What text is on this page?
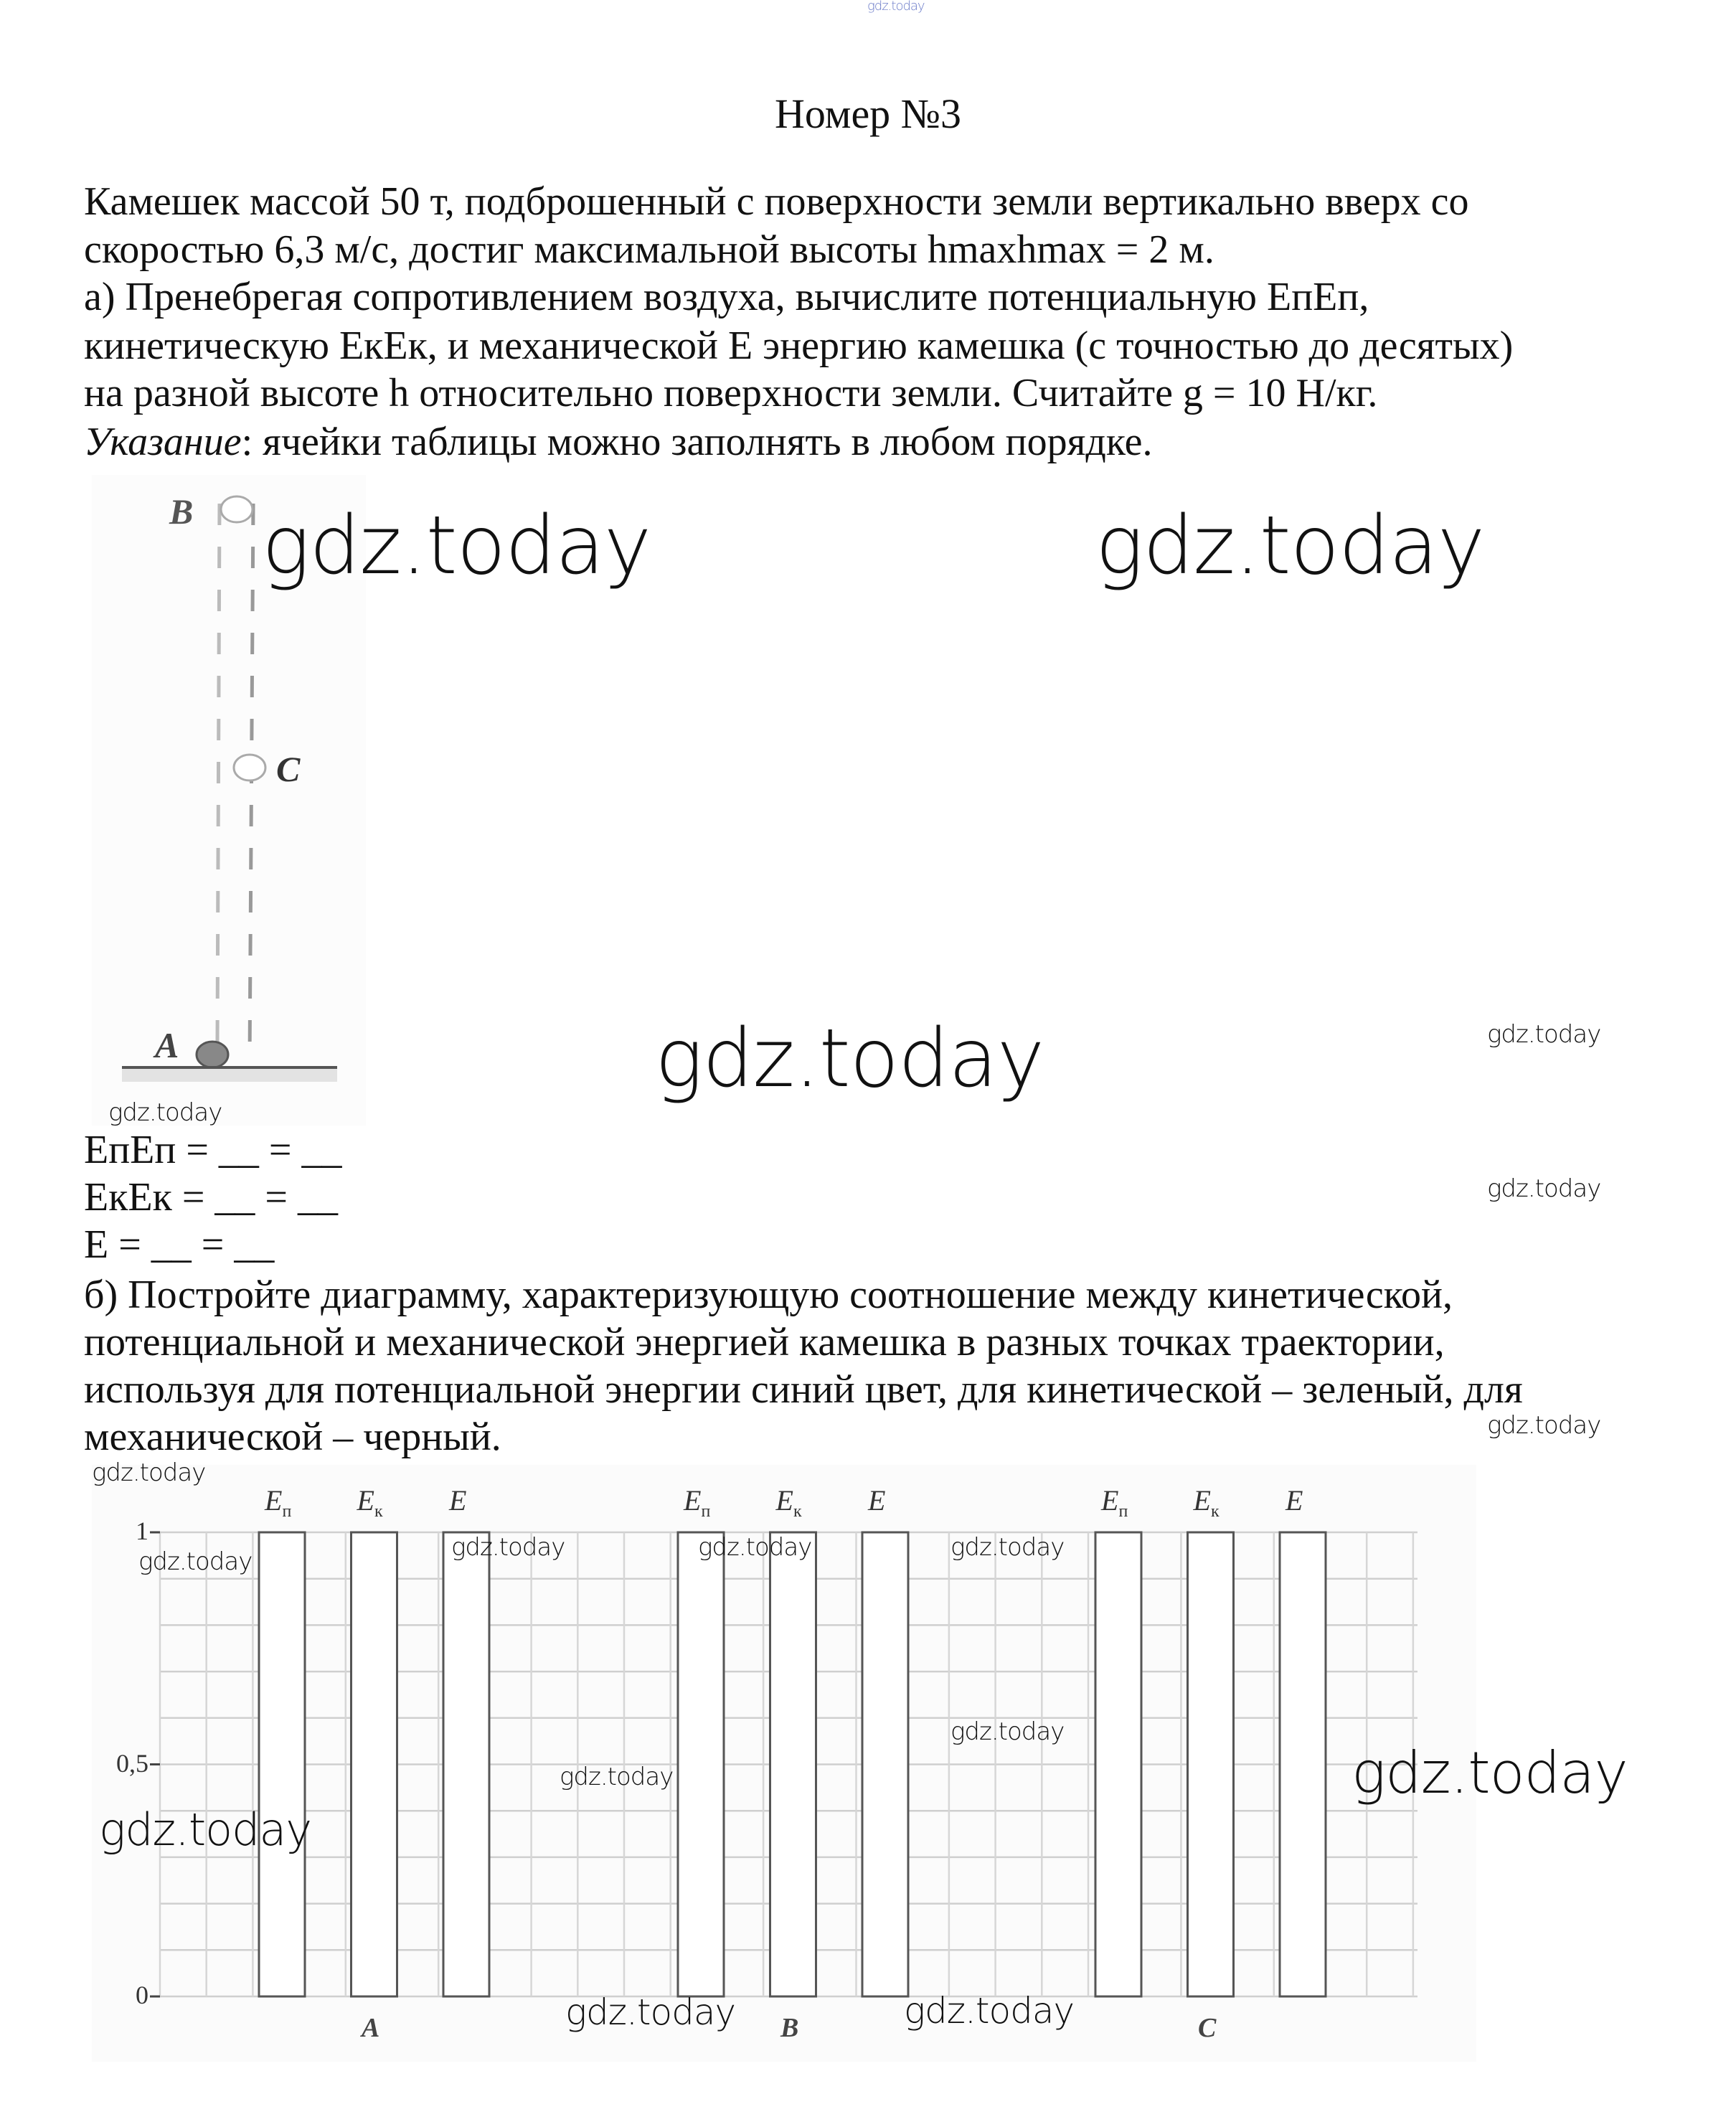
gdz.today
Номер №3
Камешек массой 50 т, подброшенный с поверхности земли вертикально вверх со
скоростью 6,3 м/с, достиг максимальной высоты hmaxhmax = 2 м.
а) Пренебрегая сопротивлением воздуха, вычислите потенциальную EпEп,
кинетическую EкEк, и механической E энергию камешка (с точностью до десятых)
на разной высоте h относительно поверхности земли. Считайте g = 10 Н/кг.
Указание: ячейки таблицы можно заполнять в любом порядке.
B
C
A
EпEп = __ = __
EкEк = __ = __
E = __ = __
б) Постройте диаграмму, характеризующую соотношение между кинетической,
потенциальной и механической энергией камешка в разных точках траектории,
используя для потенциальной энергии синий цвет, для кинетической – зеленый, для
механической – черный.
0
0,5
1
$E_п$ $E_к$ E
A
$E_п$ $E_к$ E
B
$E_п$ $E_к$ E
C
gdz.today	gdz.today
gdz.today
gdz.today
gdz.today
gdz.today	gdz.today
gdz.today
gdz.today
gdz.today
gdz.today
gdz.today
gdz.today	gdz.today	gdz.today	gdz.today
gdz.today
gdz.today
